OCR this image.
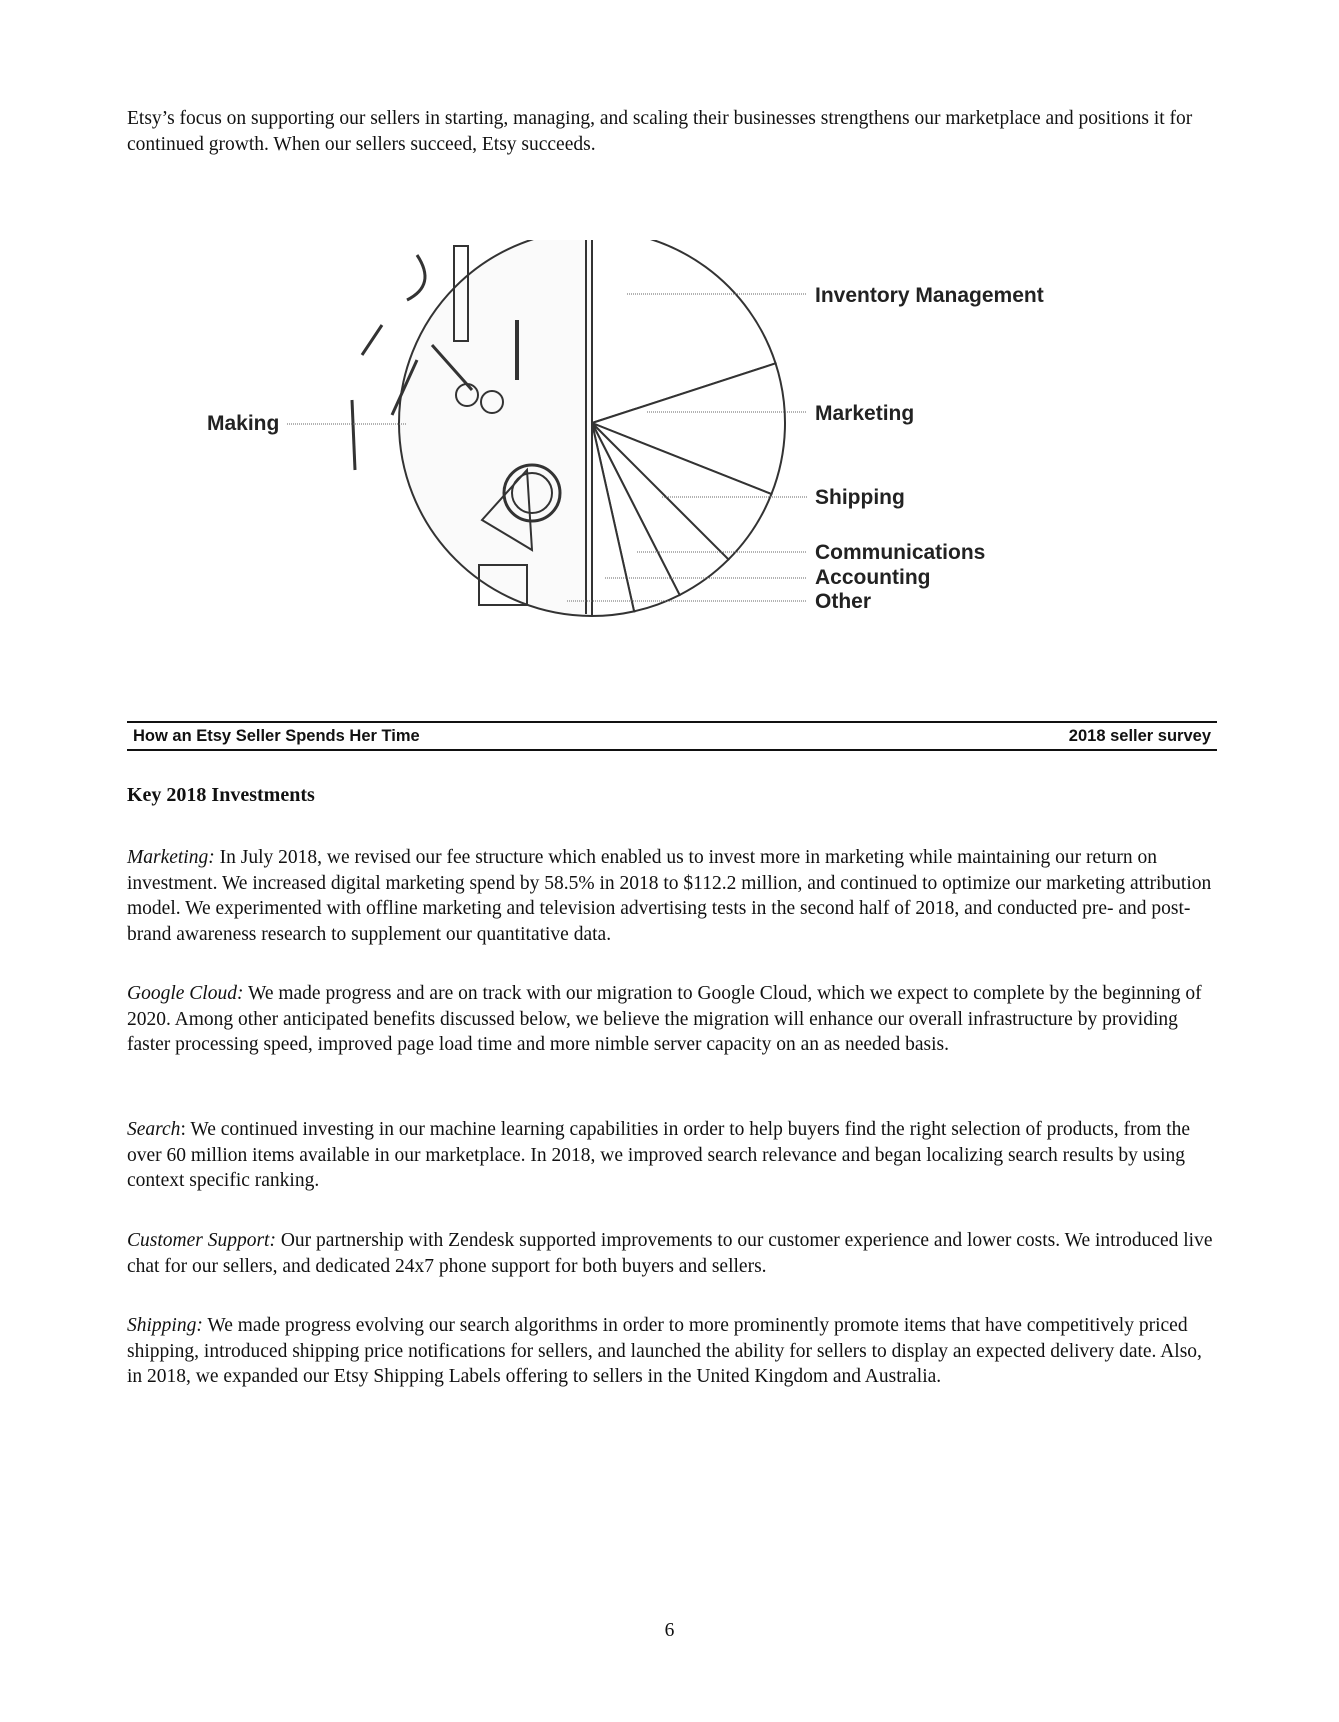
Etsy’s focus on supporting our sellers in starting, managing, and scaling their businesses strengthens our marketplace and positions it for continued growth. When our sellers succeed, Etsy succeeds.

Making
Inventory Management
Marketing
Shipping
Communications
Accounting
Other
How an Etsy Seller Spends Her Time	2018 seller survey
Key 2018 Investments

Marketing: In July 2018, we revised our fee structure which enabled us to invest more in marketing while maintaining our return on investment. We increased digital marketing spend by 58.5% in 2018 to $112.2 million, and continued to optimize our marketing attribution model. We experimented with offline marketing and television advertising tests in the second half of 2018, and conducted pre- and post-brand awareness research to supplement our quantitative data.

Google Cloud: We made progress and are on track with our migration to Google Cloud, which we expect to complete by the beginning of 2020. Among other anticipated benefits discussed below, we believe the migration will enhance our overall infrastructure by providing faster processing speed, improved page load time and more nimble server capacity on an as needed basis.

Search: We continued investing in our machine learning capabilities in order to help buyers find the right selection of products, from the over 60 million items available in our marketplace. In 2018, we improved search relevance and began localizing search results by using context specific ranking.

Customer Support: Our partnership with Zendesk supported improvements to our customer experience and lower costs. We introduced live chat for our sellers, and dedicated 24x7 phone support for both buyers and sellers.

Shipping: We made progress evolving our search algorithms in order to more prominently promote items that have competitively priced shipping, introduced shipping price notifications for sellers, and launched the ability for sellers to display an expected delivery date. Also, in 2018, we expanded our Etsy Shipping Labels offering to sellers in the United Kingdom and Australia.

6
